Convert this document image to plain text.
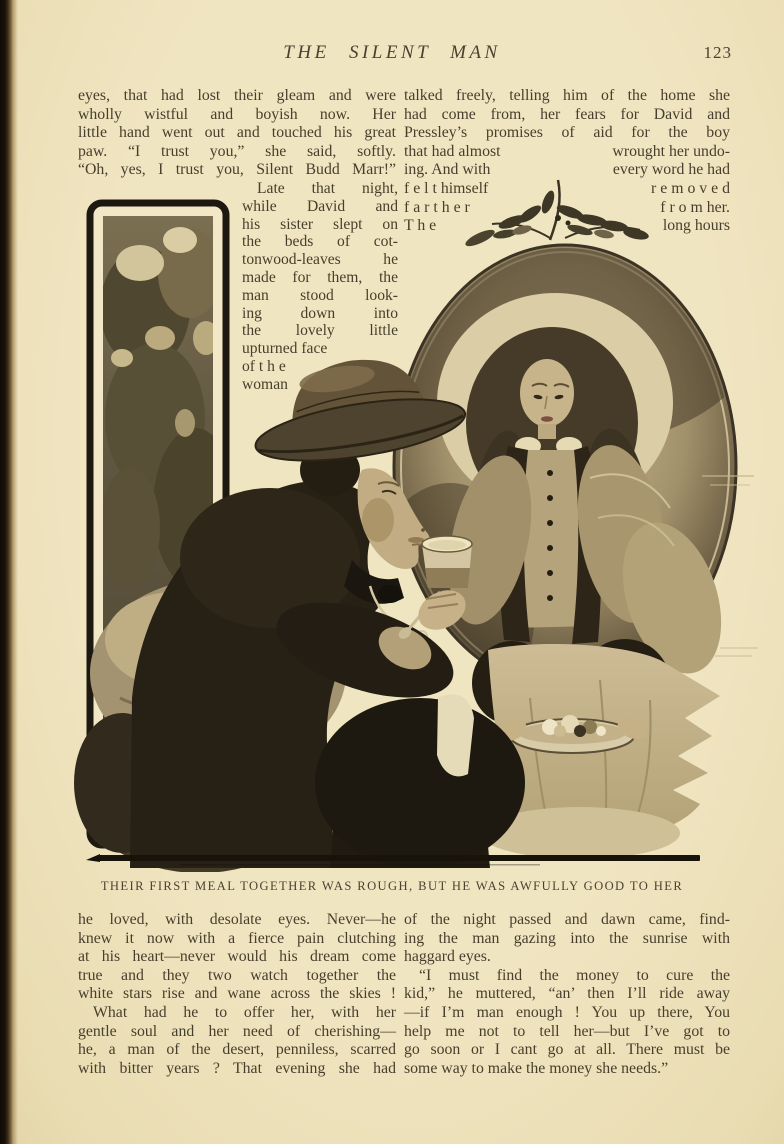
THE SILENT MAN	123
eyes, that had lost their gleam and were
wholly wistful and boyish now. Her
little hand went out and touched his great
paw. “I trust you,” she said, softly.
“Oh, yes, I trust you, Silent Budd Marr!”
Late that night,
while David and
his sister slept on
the beds of cot-
tonwood-leaves he
made for them, the
man stood look-
ing down into
the lovely little
upturned face
of t h e
woman
talked freely, telling him of the home she
had come from, her fears for David and
Pressley’s promises of aid for the boy
that had almost	wrought her undo-
ing. And with	every word he had
f e l t himself	r e m o v e d
f a r t h e r	f r o m her.
T h e	long hours
THEIR FIRST MEAL TOGETHER WAS ROUGH, BUT HE WAS AWFULLY GOOD TO HER
he loved, with desolate eyes. Never—he
knew it now with a fierce pain clutching
at his heart—never would his dream come
true and they two watch together the
white stars rise and wane across the skies !
What had he to offer her, with her
gentle soul and her need of cherishing—
he, a man of the desert, penniless, scarred
with bitter years ? That evening she had
of the night passed and dawn came, find-
ing the man gazing into the sunrise with
haggard eyes.
“I must find the money to cure the
kid,” he muttered, “an’ then I’ll ride away
—if I’m man enough ! You up there, You
help me not to tell her—but I’ve got to
go soon or I cant go at all. There must be
some way to make the money she needs.”
